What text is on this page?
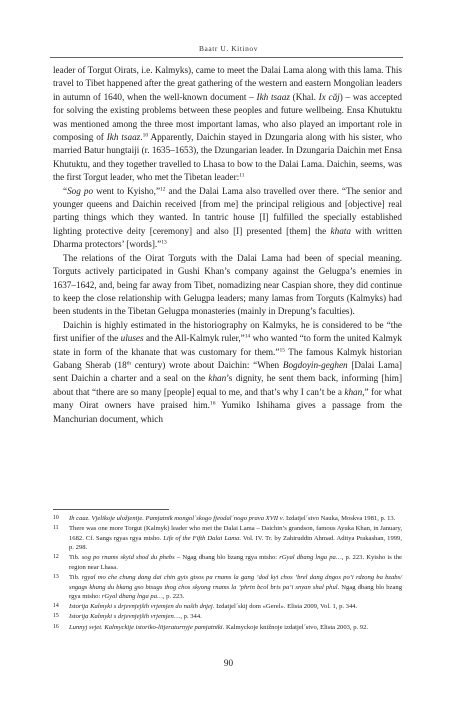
Baatr U. Kitinov

leader of Torgut Oirats, i.e. Kalmyks), came to meet the Dalai Lama along with this lama. This travel to Tibet happened after the great gathering of the western and eastern Mongolian leaders in autumn of 1640, when the well-known document – Ikh tsaaz (Khal. Ix căj) – was accepted for solving the existing problems between these peoples and future wellbeing. Ensa Khutuktu was mentioned among the three most important lamas, who also played an important role in composing of Ikh tsaaz.$^{10}$ Apparently, Daichin stayed in Dzungaria along with his sister, who married Batur hungtaiji (r. 1635–1653), the Dzungarian leader. In Dzungaria Daichin met Ensa Khutuktu, and they together travelled to Lhasa to bow to the Dalai Lama. Daichin, seems, was the first Torgut leader, who met the Tibetan leader:$^{11}$

“Sog po went to Kyisho,”$^{12}$ and the Dalai Lama also travelled over there. “The senior and younger queens and Daichin received [from me] the principal religious and [objective] real parting things which they wanted. In tantric house [I] fulfilled the specially established lighting protective deity [ceremony] and also [I] presented [them] the khata with written Dharma protectors’ [words].”$^{13}$

The relations of the Oirat Torguts with the Dalai Lama had been of special meaning. Torguts actively participated in Gushi Khan’s company against the Gelugpa’s enemies in 1637–1642, and, being far away from Tibet, nomadizing near Caspian shore, they did continue to keep the close relationship with Gelugpa leaders; many lamas from Torguts (Kalmyks) had been students in the Tibetan Gelugpa monasteries (mainly in Drepung’s faculties).

Daichin is highly estimated in the historiography on Kalmyks, he is considered to be “the first unifier of the uluses and the All-Kalmyk ruler,”$^{14}$ who wanted “to form the united Kalmyk state in form of the khanate that was customary for them.”$^{15}$ The famous Kalmyk historian Gabang Sherab (18th century) wrote about Daichin: “When Bogdoyin-geghen [Dalai Lama] sent Daichin a charter and a seal on the khan’s dignity, he sent them back, informing [him] about that “there are so many [people] equal to me, and that’s why I can’t be a khan,” for what many Oirat owners have praised him.$^{16}$ Yumiko Ishihama gives a passage from the Manchurian document, which

10	Ih caaz. Vjelikoje uložjenije. Pamjatnik mongol´skogo fjeodal´nogo prava XVII v. Izdatjel´stvo Nauka, Moskva 1981, p. 13.
11	There was one more Torgut (Kalmyk) leader who met the Dalai Lama – Daichin’s grandson, famous Ayuka Khan, in January, 1682. Cf. Sangs rgyas rgya mtsho. Life of the Fifth Dalai Lama. Vol. IV. Tr. by Zahiruddin Ahmad. Aditya Prakashan, 1999, p. 298.
12	Tib. sog po rnams skyid shod du phebs – Ngag dbang blo bzang rgya mtsho: rGyal dbang lnga pa…, p. 223. Kyisho is the region near Lhasa.
13	Tib. rgyal mo che chung dang dai chin gyis gtsos pa rnams la gang ’dod kyi chos ’brel dang dngos po’i rdzong ba bzabs/ sngags khang du bkang gso btsugs thog chos skyong rnams la ’phrin bcol bris pa’i snyan shal phul. Ngag dbang blo bzang rgya mtsho: rGyal dbang lnga pa…, p. 223.
14	Istorija Kalmyki s drjevnjejših vrjemjen do naših dnjej. Izdatjel´skij dom «Gerel». Elista 2009, Vol. 1, p. 344.
15	Istorija Kalmyki s drjevnjejših vrjemjen…, p. 344.
16	Lunnyj svjet. Kalmyckije istoriko-litjeraturnyje pamjatniki. Kalmyckoje knižnoje izdatjel´stvo, Elista 2003, p. 92.
90
